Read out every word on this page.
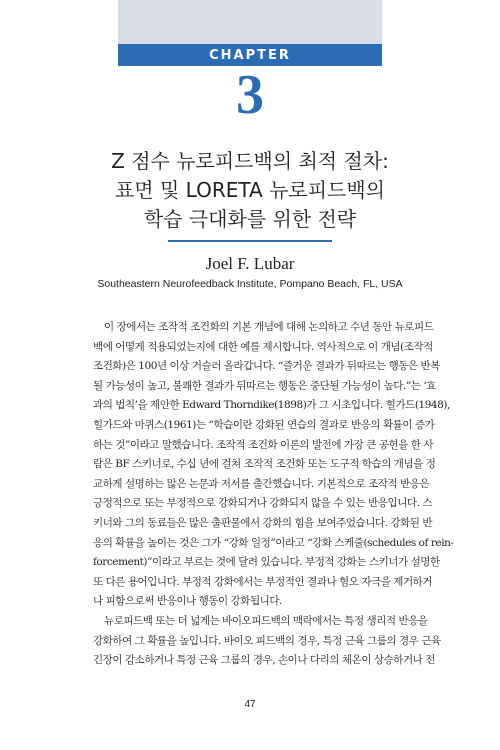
CHAPTER
3
Z 점수 뉴로피드백의 최적 절차:
표면 및 LORETA 뉴로피드백의
학습 극대화를 위한 전략
Joel F. Lubar
Southeastern Neurofeedback Institute, Pompano Beach, FL, USA
이 장에서는 조작적 조건화의 기본 개념에 대해 논의하고 수년 동안 뉴로피드
백에 어떻게 적용되었는지에 대한 예를 제시합니다. 역사적으로 이 개념(조작적
조건화)은 100년 이상 거슬러 올라갑니다. “즐거운 결과가 뒤따르는 행동은 반복
될 가능성이 높고, 불쾌한 결과가 뒤따르는 행동은 중단될 가능성이 높다.”는 ‘효
과의 법칙’을 제안한 Edward Thorndike(1898)가 그 시초입니다. 힐가드(1948),
힐가드와 마퀴스(1961)는 “학습이란 강화된 연습의 결과로 반응의 확률이 증가
하는 것”이라고 말했습니다. 조작적 조건화 이론의 발전에 가장 큰 공헌을 한 사
람은 BF 스키너로, 수십 년에 걸쳐 조작적 조건화 또는 도구적 학습의 개념을 정
교하게 설명하는 많은 논문과 저서를 출간했습니다. 기본적으로 조작적 반응은
긍정적으로 또는 부정적으로 강화되거나 강화되지 않을 수 있는 반응입니다. 스
키너와 그의 동료들은 많은 출판물에서 강화의 힘을 보여주었습니다. 강화된 반
응의 확률을 높이는 것은 그가 “강화 일정”이라고 “강화 스케줄(schedules of rein-
forcement)”이라고 부르는 것에 달려 있습니다. 부정적 강화는 스키너가 설명한
또 다른 용어입니다. 부정적 강화에서는 부정적인 결과나 혐오 자극을 제거하거
나 피함으로써 반응이나 행동이 강화됩니다.
뉴로피드백 또는 더 넓게는 바이오피드백의 맥락에서는 특정 생리적 반응을
강화하여 그 확률을 높입니다. 바이오 피드백의 경우, 특정 근육 그룹의 경우 근육
긴장이 감소하거나 특정 근육 그룹의 경우, 손이나 다리의 체온이 상승하거나 전
47
